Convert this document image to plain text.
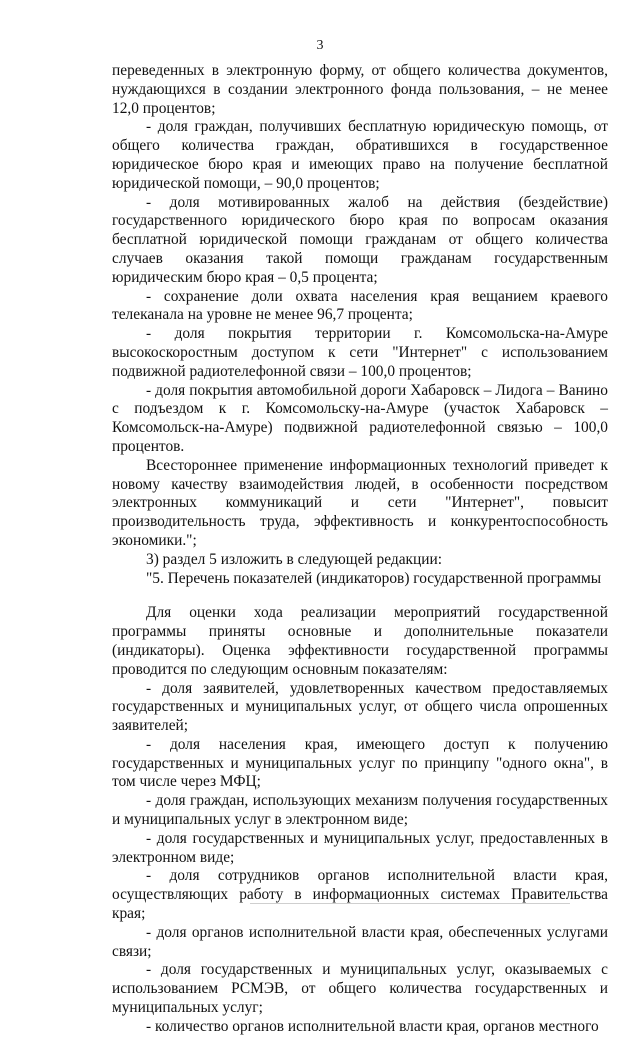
3

переведенных в электронную форму, от общего количества документов, нуждающихся в создании электронного фонда пользования, – не менее 12,0 процентов;

- доля граждан, получивших бесплатную юридическую помощь, от общего количества граждан, обратившихся в государственное юридическое бюро края и имеющих право на получение бесплатной юридической помощи, – 90,0 процентов;

- доля мотивированных жалоб на действия (бездействие) государственного юридического бюро края по вопросам оказания бесплатной юридической помощи гражданам от общего количества случаев оказания такой помощи гражданам государственным юридическим бюро края – 0,5 процента;

- сохранение доли охвата населения края вещанием краевого телеканала на уровне не менее 96,7 процента;

- доля покрытия территории г. Комсомольска-на-Амуре высокоскоростным доступом к сети "Интернет" с использованием подвижной радиотелефонной связи – 100,0 процентов;

- доля покрытия автомобильной дороги Хабаровск – Лидога – Ванино с подъездом к г. Комсомольску-на-Амуре (участок Хабаровск – Комсомольск-на-Амуре) подвижной радиотелефонной связью – 100,0 процентов.

Всестороннее применение информационных технологий приведет к новому качеству взаимодействия людей, в особенности посредством электронных коммуникаций и сети "Интернет", повысит производительность труда, эффективность и конкурентоспособность экономики.";

3) раздел 5 изложить в следующей редакции:

"5. Перечень показателей (индикаторов) государственной программы

Для оценки хода реализации мероприятий государственной программы приняты основные и дополнительные показатели (индикаторы). Оценка эффективности государственной программы проводится по следующим основным показателям:

- доля заявителей, удовлетворенных качеством предоставляемых государственных и муниципальных услуг, от общего числа опрошенных заявителей;

- доля населения края, имеющего доступ к получению государственных и муниципальных услуг по принципу "одного окна", в том числе через МФЦ;

- доля граждан, использующих механизм получения государственных и муниципальных услуг в электронном виде;

- доля государственных и муниципальных услуг, предоставленных в электронном виде;

- доля сотрудников органов исполнительной власти края, осуществляющих работу в информационных системах Правительства края;

- доля органов исполнительной власти края, обеспеченных услугами связи;

- доля государственных и муниципальных услуг, оказываемых с использованием РСМЭВ, от общего количества государственных и муниципальных услуг;

- количество органов исполнительной власти края, органов местного
